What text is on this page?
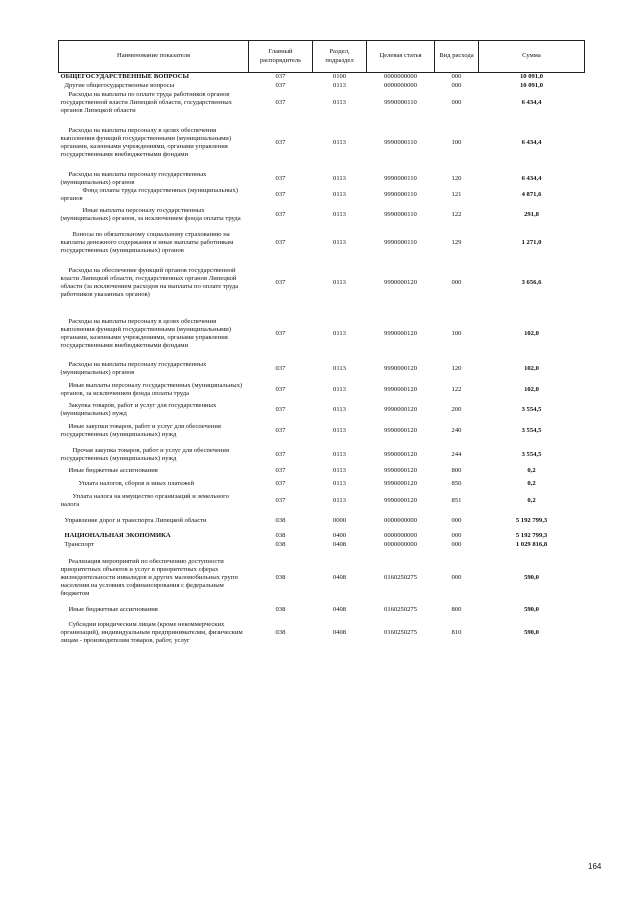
Наименование показателя	Главный распорядитель	Раздел, подраздел	Целевая статья	Вид расхода	Сумма
ОБЩЕГОСУДАРСТВЕННЫЕ ВОПРОСЫ	037	0100	0000000000	000	10 091,0
Другие общегосударственные вопросы	037	0113	0000000000	000	10 091,0
Расходы на выплаты по оплате труда работников органов государственной власти Липецкой области, государственных органов Липецкой области	037	0113	9990000110	000	6 434,4
Расходы на выплаты персоналу в целях обеспечения выполнения функций государственными (муниципальными) органами, казенными учреждениями, органами управления государственными внебюджетными фондами	037	0113	9990000110	100	6 434,4
Расходы на выплаты персоналу государственных (муниципальных) органов	037	0113	9990000110	120	6 434,4
Фонд оплаты труда государственных (муниципальных) органов	037	0113	9990000110	121	4 871,6
Иные выплаты персоналу государственных (муниципальных) органов, за исключением фонда оплаты труда	037	0113	9990000110	122	291,8
Взносы по обязательному социальному страхованию на выплаты денежного содержания и иные выплаты работникам государственных (муниципальных) органов	037	0113	9990000110	129	1 271,0
Расходы на обеспечение функций органов государственной власти Липецкой области, государственных органов Липецкой области (за исключением расходов на выплаты по оплате труда работников указанных органов)	037	0113	9990000120	000	3 656,6
Расходы на выплаты персоналу в целях обеспечения выполнения функций государственными (муниципальными) органами, казенными учреждениями, органами управления государственными внебюджетными фондами	037	0113	9990000120	100	102,0
Расходы на выплаты персоналу государственных (муниципальных) органов	037	0113	9990000120	120	102,0
Иные выплаты персоналу государственных (муниципальных) органов, за исключением фонда оплаты труда	037	0113	9990000120	122	102,0
Закупка товаров, работ и услуг для государственных (муниципальных) нужд	037	0113	9990000120	200	3 554,5
Иные закупки товаров, работ и услуг для обеспечения государственных (муниципальных) нужд	037	0113	9990000120	240	3 554,5
Прочая закупка товаров, работ и услуг для обеспечения государственных (муниципальных) нужд	037	0113	9990000120	244	3 554,5
Иные бюджетные ассигнования	037	0113	9990000120	800	0,2
Уплата налогов, сборов и иных платежей	037	0113	9990000120	850	0,2
Уплата налога на имущество организаций и земельного налога	037	0113	9990000120	851	0,2
Управление дорог и транспорта Липецкой области	038	0000	0000000000	000	5 192 799,3
НАЦИОНАЛЬНАЯ ЭКОНОМИКА	038	0400	0000000000	000	5 192 799,3
Транспорт	038	0408	0000000000	000	1 029 816,8
Реализация мероприятий по обеспечению доступности приоритетных объектов и услуг в приоритетных сферах жизнедеятельности инвалидов и других маломобильных групп населения на условиях софинансирования с федеральным бюджетом	038	0408	0160250275	000	590,0
Иные бюджетные ассигнования	038	0408	0160250275	800	590,0
Субсидии юридическим лицам (кроме некоммерческих организаций), индивидуальным предпринимателям, физическим лицам - производителям товаров, работ, услуг	038	0408	0160250275	810	590,0
164
